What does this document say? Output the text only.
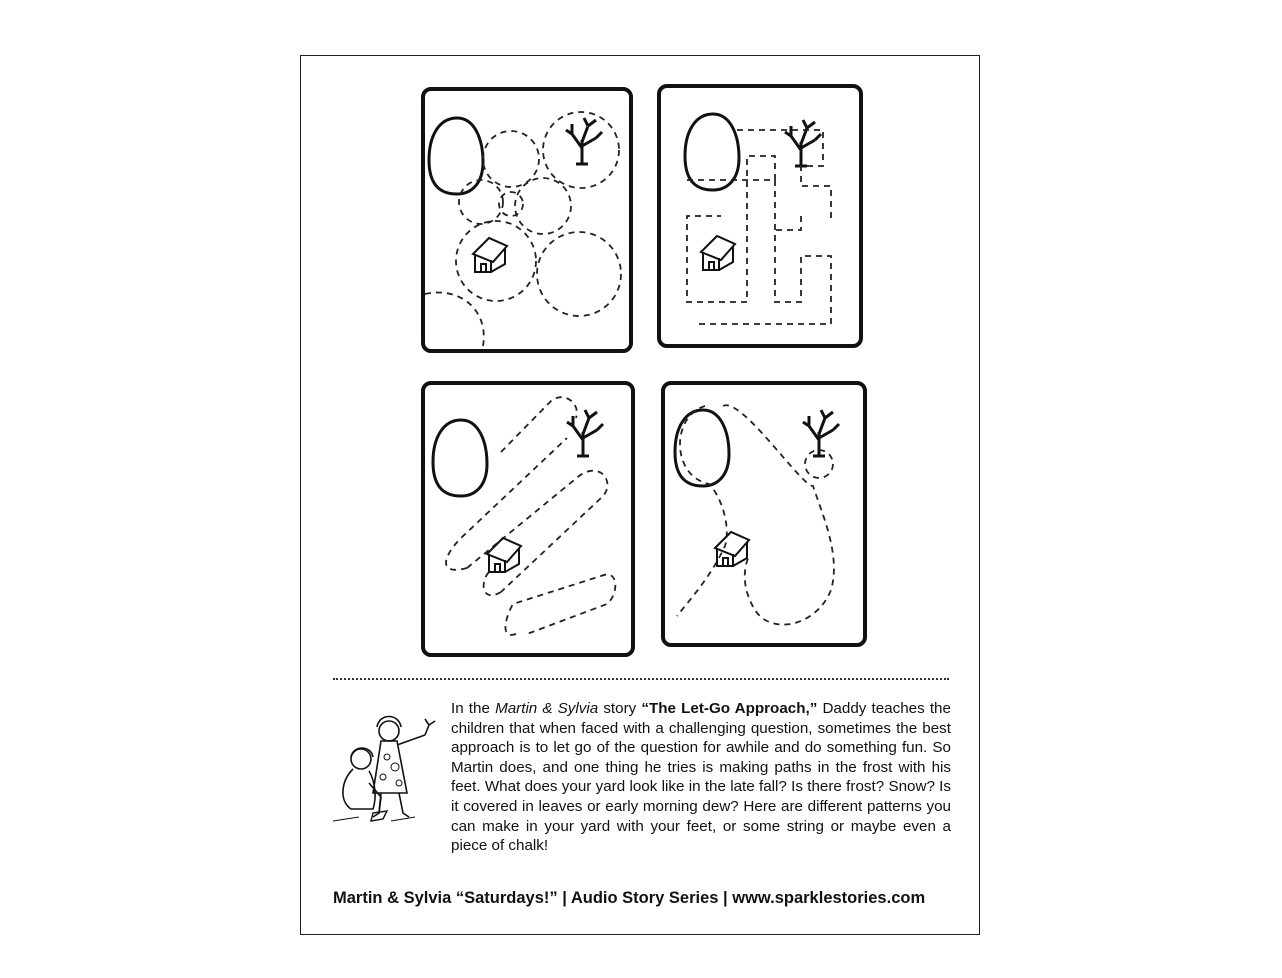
In the Martin & Sylvia story “The Let-Go Approach,” Daddy teaches the children that when faced with a challenging question, sometimes the best approach is to let go of the question for awhile and do something fun. So Martin does, and one thing he tries is making paths in the frost with his feet. What does your yard look like in the late fall? Is there frost? Snow? Is it covered in leaves or early morning dew? Here are different patterns you can make in your yard with your feet, or some string or maybe even a piece of chalk!

Martin & Sylvia “Saturdays!” | Audio Story Series | www.sparklestories.com
